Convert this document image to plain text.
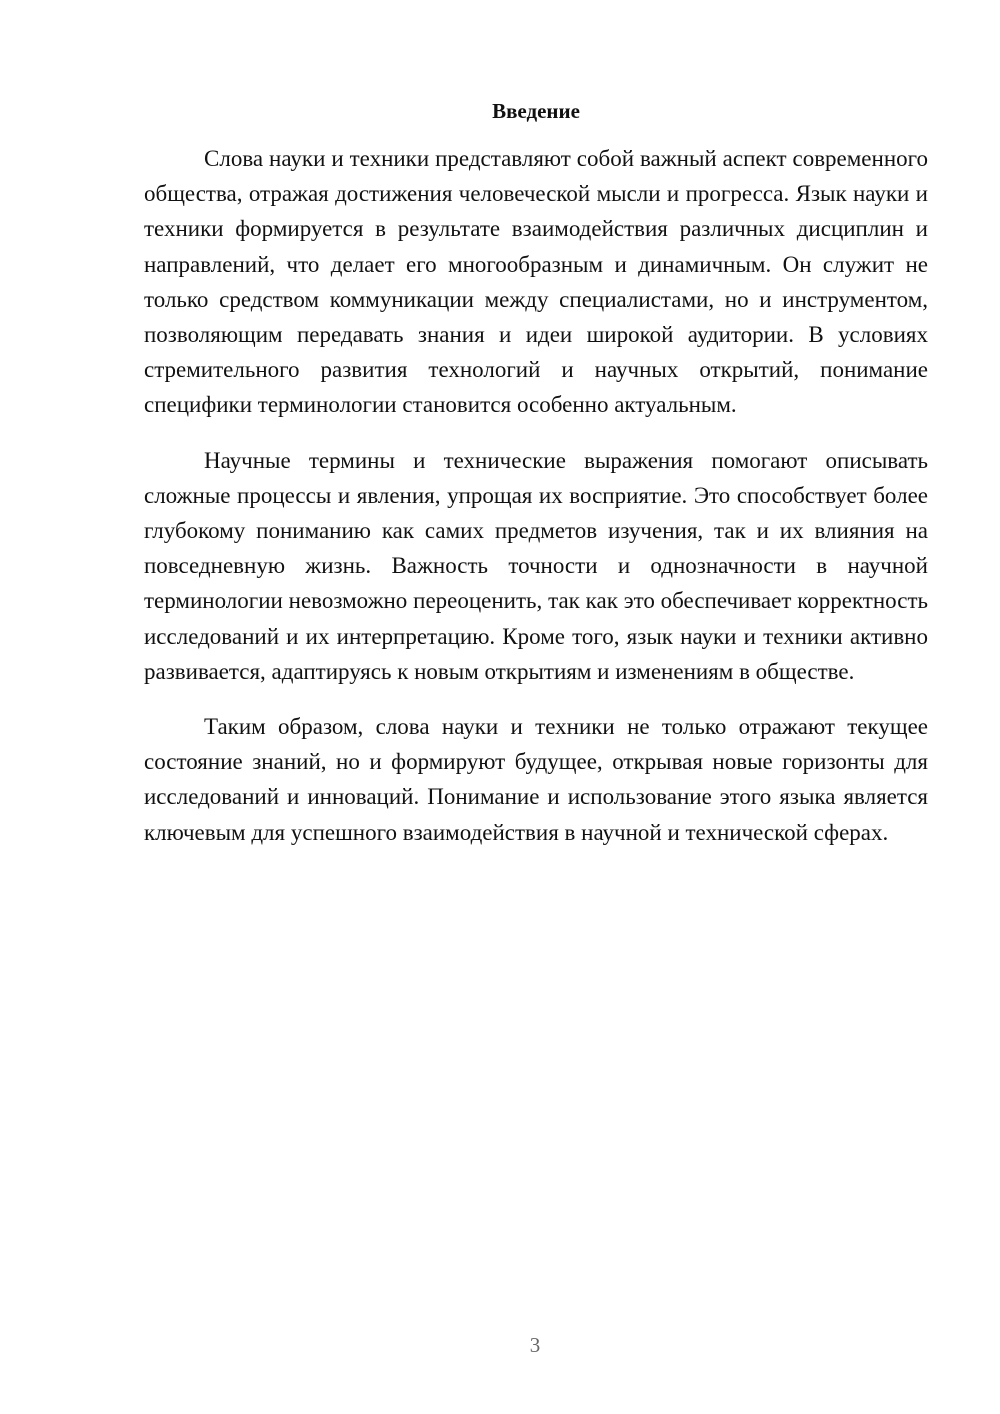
Введение

Слова науки и техники представляют собой важный аспект современного общества, отражая достижения человеческой мысли и прогресса. Язык науки и техники формируется в результате взаимодействия различных дисциплин и направлений, что делает его многообразным и динамичным. Он служит не только средством коммуникации между специалистами, но и инструментом, позволяющим передавать знания и идеи широкой аудитории. В условиях стремительного развития технологий и научных открытий, понимание специфики терминологии становится особенно актуальным.

Научные термины и технические выражения помогают описывать сложные процессы и явления, упрощая их восприятие. Это способствует более глубокому пониманию как самих предметов изучения, так и их влияния на повседневную жизнь. Важность точности и однозначности в научной терминологии невозможно переоценить, так как это обеспечивает корректность исследований и их интерпретацию. Кроме того, язык науки и техники активно развивается, адаптируясь к новым открытиям и изменениям в обществе.

Таким образом, слова науки и техники не только отражают текущее состояние знаний, но и формируют будущее, открывая новые горизонты для исследований и инноваций. Понимание и использование этого языка является ключевым для успешного взаимодействия в научной и технической сферах.

3
